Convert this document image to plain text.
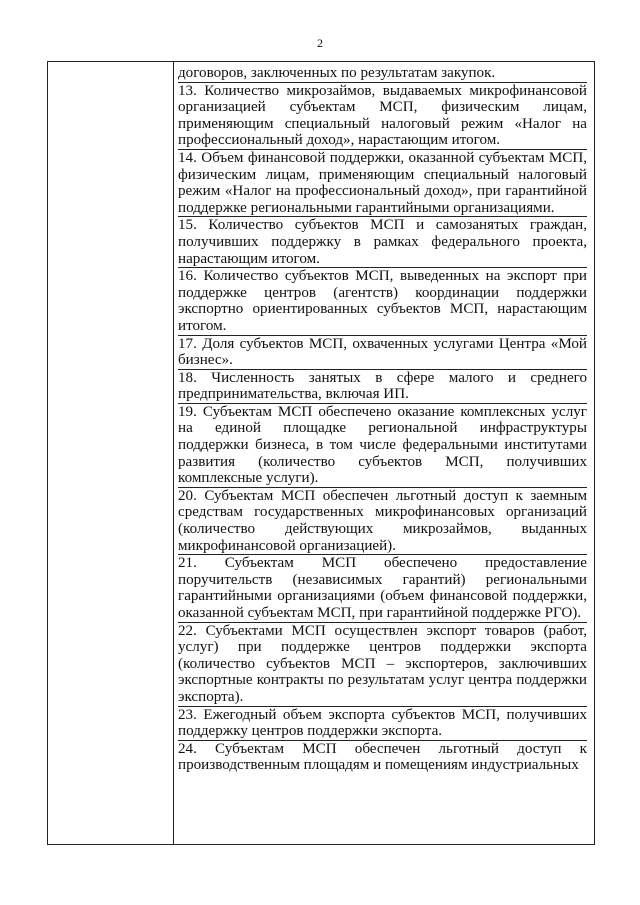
2

договоров, заключенных по результатам закупок.

13. Количество микрозаймов, выдаваемых микрофинансовой организацией субъектам МСП, физическим лицам, применяющим специальный налоговый режим «Налог на профессиональный доход», нарастающим итогом.

14. Объем финансовой поддержки, оказанной субъектам МСП, физическим лицам, применяющим специальный налоговый режим «Налог на профессиональный доход», при гарантийной поддержке региональными гарантийными организациями.

15. Количество субъектов МСП и самозанятых граждан, получивших поддержку в рамках федерального проекта, нарастающим итогом.

16. Количество субъектов МСП, выведенных на экспорт при поддержке центров (агентств) координации поддержки экспортно ориентированных субъектов МСП, нарастающим итогом.

17. Доля субъектов МСП, охваченных услугами Центра «Мой бизнес».

18. Численность занятых в сфере малого и среднего предпринимательства, включая ИП.

19. Субъектам МСП обеспечено оказание комплексных услуг на единой площадке региональной инфраструктуры поддержки бизнеса, в том числе федеральными институтами развития (количество субъектов МСП, получивших комплексные услуги).

20. Субъектам МСП обеспечен льготный доступ к заемным средствам государственных микрофинансовых организаций (количество действующих микрозаймов, выданных микрофинансовой организацией).

21. Субъектам МСП обеспечено предоставление поручительств (независимых гарантий) региональными гарантийными организациями (объем финансовой поддержки, оказанной субъектам МСП, при гарантийной поддержке РГО).

22. Субъектами МСП осуществлен экспорт товаров (работ, услуг) при поддержке центров поддержки экспорта (количество субъектов МСП – экспортеров, заключивших экспортные контракты по результатам услуг центра поддержки экспорта).

23. Ежегодный объем экспорта субъектов МСП, получивших поддержку центров поддержки экспорта.

24. Субъектам МСП обеспечен льготный доступ к производственным площадям и помещениям индустриальных
